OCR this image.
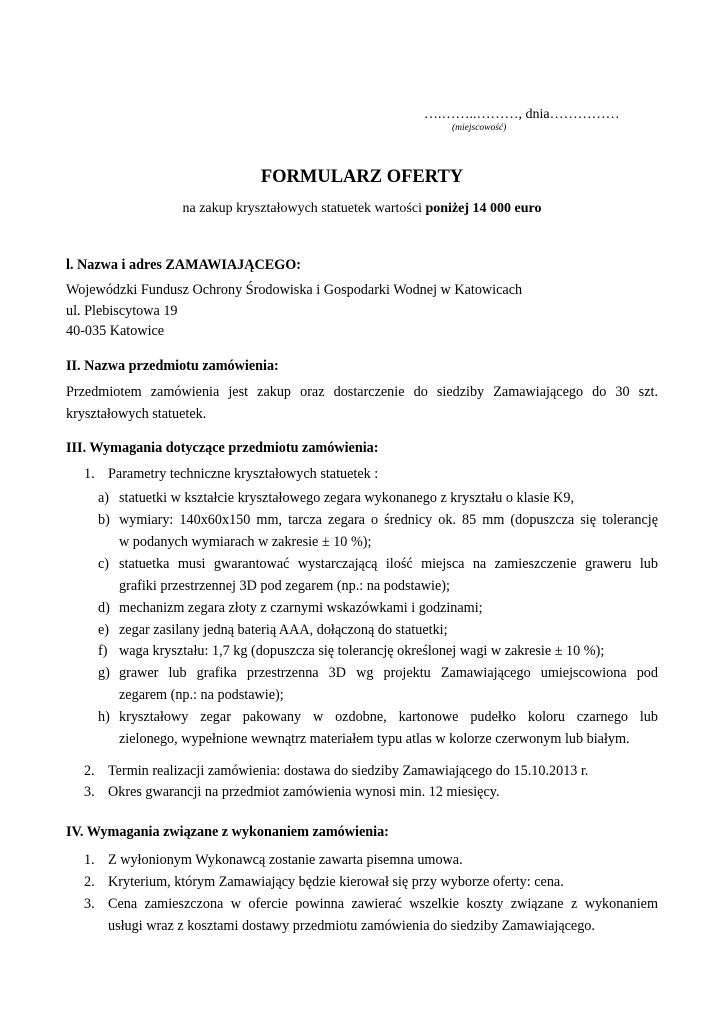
….……..………, dnia……………
(miejscowość)
FORMULARZ OFERTY
na zakup kryształowych statuetek wartości poniżej 14 000 euro
l. Nazwa i adres ZAMAWIAJĄCEGO:
Wojewódzki Fundusz Ochrony Środowiska i Gospodarki Wodnej w Katowicach
ul. Plebiscytowa 19
40-035 Katowice
II. Nazwa przedmiotu zamówienia:
Przedmiotem zamówienia jest zakup oraz dostarczenie do siedziby Zamawiającego do 30 szt.
kryształowych statuetek.
III. Wymagania dotyczące przedmiotu zamówienia:
1. Parametry techniczne kryształowych statuetek :
a) statuetki w kształcie kryształowego zegara wykonanego z kryształu o klasie K9,
b) wymiary: 140x60x150 mm, tarcza zegara o średnicy ok. 85 mm (dopuszcza się tolerancję
w podanych wymiarach w zakresie ± 10 %);
c) statuetka musi gwarantować wystarczającą ilość miejsca na zamieszczenie graweru lub
grafiki przestrzennej 3D pod zegarem (np.: na podstawie);
d) mechanizm zegara złoty z czarnymi wskazówkami i godzinami;
e) zegar zasilany jedną baterią AAA, dołączoną do statuetki;
f) waga kryształu: 1,7 kg (dopuszcza się tolerancję określonej wagi w zakresie ± 10 %);
g) grawer lub grafika przestrzenna 3D wg projektu Zamawiającego umiejscowiona pod
zegarem (np.: na podstawie);
h) kryształowy zegar pakowany w ozdobne, kartonowe pudełko koloru czarnego lub
zielonego, wypełnione wewnątrz materiałem typu atlas w kolorze czerwonym lub białym.
2. Termin realizacji zamówienia: dostawa do siedziby Zamawiającego do 15.10.2013 r.
3. Okres gwarancji na przedmiot zamówienia wynosi min. 12 miesięcy.
IV. Wymagania związane z wykonaniem zamówienia:
1. Z wyłonionym Wykonawcą zostanie zawarta pisemna umowa.
2. Kryterium, którym Zamawiający będzie kierował się przy wyborze oferty: cena.
3. Cena zamieszczona w ofercie powinna zawierać wszelkie koszty związane z wykonaniem
usługi wraz z kosztami dostawy przedmiotu zamówienia do siedziby Zamawiającego.
